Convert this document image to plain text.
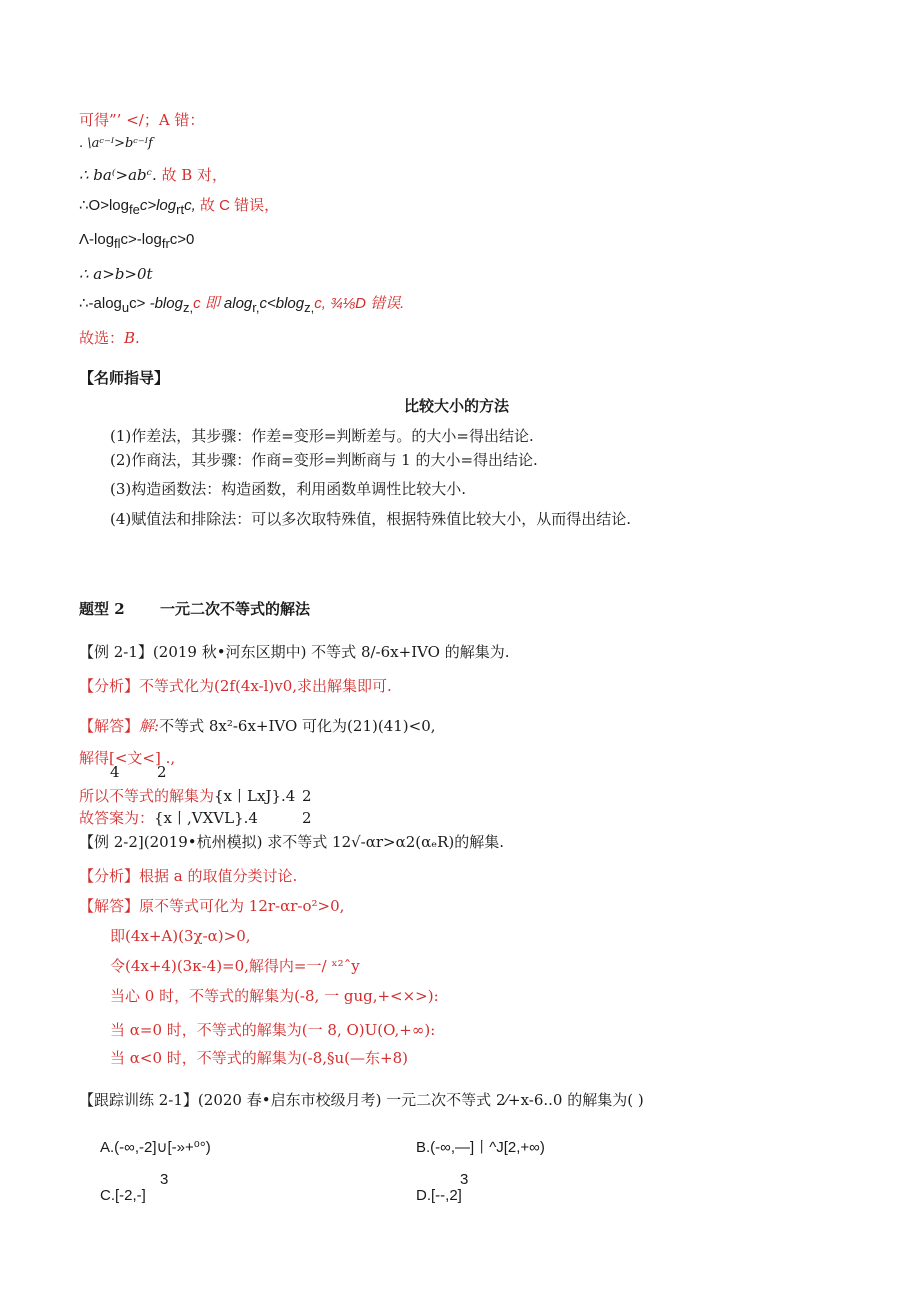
可得”’ </；A 错：
. \aᶜ⁻ᴵ>bᶜ⁻ᴵ𝑓
∴ ba⁽>abᶜ. 故 B 对，
$\therefore O>\log_{fe}c>\log_{rt}c$, 故 C 错误，
$\Lambda-\log_{fl}c>-\log_{fr}c>0$
∴ a>b>0t
∴-alog$_u$c> -blog$_{z,}$c 即 alog$_{r,}$c<blog$_{z,}$c, ¾⅛D 错误.
故选：B.
【名师指导】
比较大小的方法
(1)作差法，其步骤：作差=变形=判断差与。的大小=得出结论.
(2)作商法，其步骤：作商=变形=判断商与 1 的大小=得出结论.
(3)构造函数法：构造函数，利用函数单调性比较大小.
(4)赋值法和排除法：可以多次取特殊值，根据特殊值比较大小，从而得出结论.
题型 2 一元二次不等式的解法
【例 2-1】(2019 秋•河东区期中) 不等式 8/-6x+IVO 的解集为.
【分析】不等式化为(2f(4x-l)v0,求出解集即可.
【解答】解:不等式 8x²-6x+IVO 可化为(21)(41)<0,
解得[<文<] .,
4 2
所以不等式的解集为{x丨LxJ}.4 2
故答案为：{x丨,VXVL}.4	2
【例 2-2](2019•杭州模拟) 求不等式 12√-αr>α2(αₑR)的解集.
【分析】根据 a 的取值分类讨论.
【解答】原不等式可化为 12r-αr-o²>0,
即(4x+A)(3χ-α)>0,
令(4x+4)(3κ-4)=0,解得内=一/ ˣ²ˆy
当心 0 时，不等式的解集为(-8, 一 gug,+<×>):
当 α=0 时，不等式的解集为(一 8, O)U(O,+∞):
当 α<0 时，不等式的解集为(-8,§u(—东+8)
【跟踪训练 2-1】(2020 春•启东市校级月考) 一元二次不等式 2⁄+x-6..0 的解集为( )
A.(-∞,-2]∪[-»+⁰°)	B.(-∞,—]丨^J[2,+∞)
3
C.[-2,-]
3
D.[--,2]
